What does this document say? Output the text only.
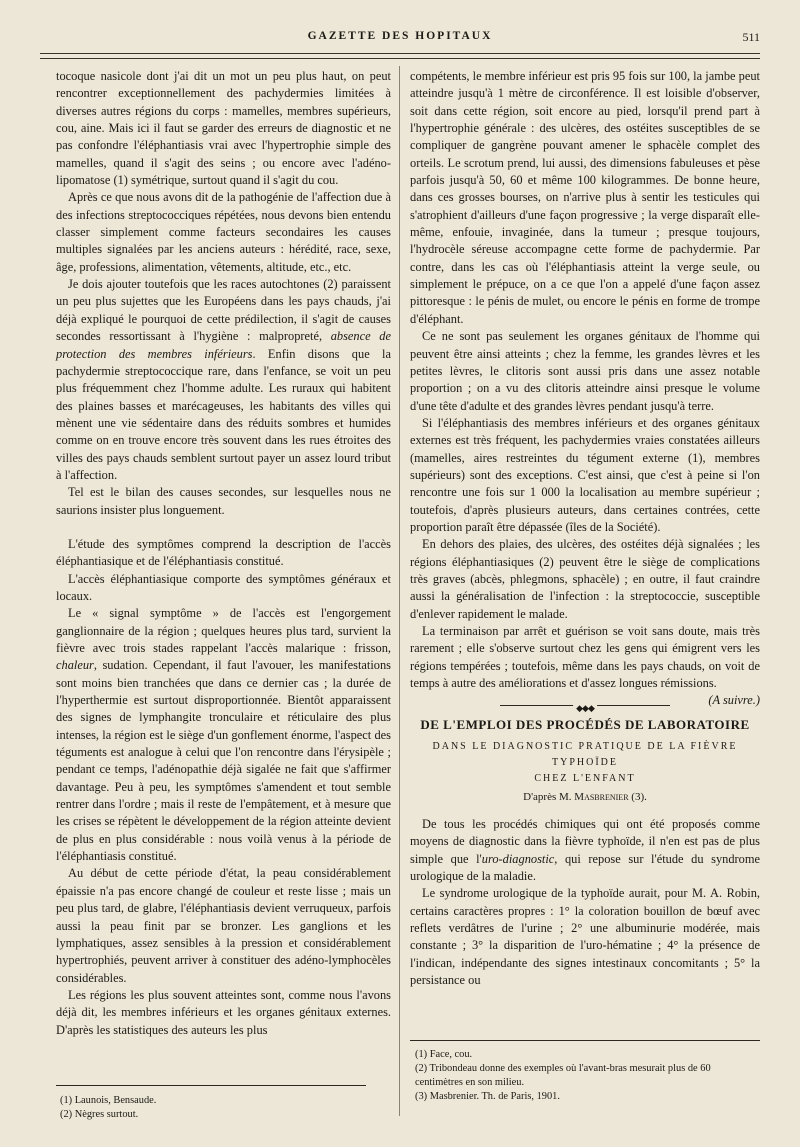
GAZETTE DES HOPITAUX	511

tocoque nasicole dont j'ai dit un mot un peu plus haut, on peut rencontrer exceptionnellement des pachydermies limitées à diverses autres régions du corps : mamelles, membres supérieurs, cou, aine. Mais ici il faut se garder des erreurs de diagnostic et ne pas confondre l'éléphantiasis vrai avec l'hypertrophie simple des mamelles, quand il s'agit des seins ; ou encore avec l'adéno-lipomatose (1) symétrique, surtout quand il s'agit du cou.

Après ce que nous avons dit de la pathogénie de l'affection due à des infections streptococciques répétées, nous devons bien entendu classer simplement comme facteurs secondaires les causes multiples signalées par les anciens auteurs : hérédité, race, sexe, âge, professions, alimentation, vêtements, altitude, etc., etc.

Je dois ajouter toutefois que les races autochtones (2) paraissent un peu plus sujettes que les Européens dans les pays chauds, j'ai déjà expliqué le pourquoi de cette prédilection, il s'agit de causes secondes ressortissant à l'hygiène : malpropreté, absence de protection des membres inférieurs. Enfin disons que la pachydermie streptococcique rare, dans l'enfance, se voit un peu plus fréquemment chez l'homme adulte. Les ruraux qui habitent des plaines basses et marécageuses, les habitants des villes qui mènent une vie sédentaire dans des réduits sombres et humides comme on en trouve encore très souvent dans les rues étroites des villes des pays chauds semblent surtout payer un assez lourd tribut à l'affection.

Tel est le bilan des causes secondes, sur lesquelles nous ne saurions insister plus longuement.

L'étude des symptômes comprend la description de l'accès éléphantiasique et de l'éléphantiasis constitué.

L'accès éléphantiasique comporte des symptômes généraux et locaux.

Le « signal symptôme » de l'accès est l'engorgement ganglionnaire de la région ; quelques heures plus tard, survient la fièvre avec trois stades rappelant l'accès malarique : frisson, chaleur, sudation. Cependant, il faut l'avouer, les manifestations sont moins bien tranchées que dans ce dernier cas ; la durée de l'hyperthermie est surtout disproportionnée. Bientôt apparaissent des signes de lymphangite tronculaire et réticulaire des plus intenses, la région est le siège d'un gonflement énorme, l'aspect des téguments est analogue à celui que l'on rencontre dans l'érysipèle ; pendant ce temps, l'adénopathie déjà sigalée ne fait que s'affirmer davantage. Peu à peu, les symptômes s'amendent et tout semble rentrer dans l'ordre ; mais il reste de l'empâtement, et à mesure que les crises se répètent le développement de la région atteinte devient de plus en plus considérable : nous voilà venus à la période de l'éléphantiasis constitué.

Au début de cette période d'état, la peau considérablement épaissie n'a pas encore changé de couleur et reste lisse ; mais un peu plus tard, de glabre, l'éléphantiasis devient verruqueux, parfois aussi la peau finit par se bronzer. Les ganglions et les lymphatiques, assez sensibles à la pression et considérablement hypertrophiés, peuvent arriver à constituer des adéno-lymphocèles considérables.

Les régions les plus souvent atteintes sont, comme nous l'avons déjà dit, les membres inférieurs et les organes génitaux externes. D'après les statistiques des auteurs les plus

(1) Launois, Bensaude.
(2) Nègres surtout.

compétents, le membre inférieur est pris 95 fois sur 100, la jambe peut atteindre jusqu'à 1 mètre de circonférence. Il est loisible d'observer, soit dans cette région, soit encore au pied, lorsqu'il prend part à l'hypertrophie générale : des ulcères, des ostéites susceptibles de se compliquer de gangrène pouvant amener le sphacèle complet des orteils. Le scrotum prend, lui aussi, des dimensions fabuleuses et pèse parfois jusqu'à 50, 60 et même 100 kilogrammes. De bonne heure, dans ces grosses bourses, on n'arrive plus à sentir les testicules qui s'atrophient d'ailleurs d'une façon progressive ; la verge disparaît elle-même, enfouie, invaginée, dans la tumeur ; presque toujours, l'hydrocèle séreuse accompagne cette forme de pachydermie. Par contre, dans les cas où l'éléphantiasis atteint la verge seule, ou simplement le prépuce, on a ce que l'on a appelé d'une façon assez pittoresque : le pénis de mulet, ou encore le pénis en forme de trompe d'éléphant.

Ce ne sont pas seulement les organes génitaux de l'homme qui peuvent être ainsi atteints ; chez la femme, les grandes lèvres et les petites lèvres, le clitoris sont aussi pris dans une assez notable proportion ; on a vu des clitoris atteindre ainsi presque le volume d'une tête d'adulte et des grandes lèvres pendant jusqu'à terre.

Si l'éléphantiasis des membres inférieurs et des organes génitaux externes est très fréquent, les pachydermies vraies constatées ailleurs (mamelles, aires restreintes du tégument externe (1), membres supérieurs) sont des exceptions. C'est ainsi, que c'est à peine si l'on rencontre une fois sur 1 000 la localisation au membre supérieur ; toutefois, d'après plusieurs auteurs, dans certaines contrées, cette proportion paraît être dépassée (îles de la Société).

En dehors des plaies, des ulcères, des ostéites déjà signalées ; les régions éléphantiasiques (2) peuvent être le siège de complications très graves (abcès, phlegmons, sphacèle) ; en outre, il faut craindre aussi la généralisation de l'infection : la streptococcie, susceptible d'enlever rapidement le malade.

La terminaison par arrêt et guérison se voit sans doute, mais très rarement ; elle s'observe surtout chez les gens qui émigrent vers les régions tempérées ; toutefois, même dans les pays chauds, on voit de temps à autre des améliorations et d'assez longues rémissions.
(A suivre.)

◆◆◆
DE L'EMPLOI DES PROCÉDÉS DE LABORATOIRE
DANS LE DIAGNOSTIC PRATIQUE DE LA FIÈVRE TYPHOÏDE
CHEZ L'ENFANT
D'après M. Masbrenier (3).

De tous les procédés chimiques qui ont été proposés comme moyens de diagnostic dans la fièvre typhoïde, il n'en est pas de plus simple que l'uro-diagnostic, qui repose sur l'étude du syndrome urologique de la maladie.

Le syndrome urologique de la typhoïde aurait, pour M. A. Robin, certains caractères propres : 1° la coloration bouillon de bœuf avec reflets verdâtres de l'urine ; 2° une albuminurie modérée, mais constante ; 3° la disparition de l'uro-hématine ; 4° la présence de l'indican, indépendante des signes intestinaux concomitants ; 5° la persistance ou

(1) Face, cou.
(2) Tribondeau donne des exemples où l'avant-bras mesurait plus de 60 centimètres en son milieu.
(3) Masbrenier. Th. de Paris, 1901.
